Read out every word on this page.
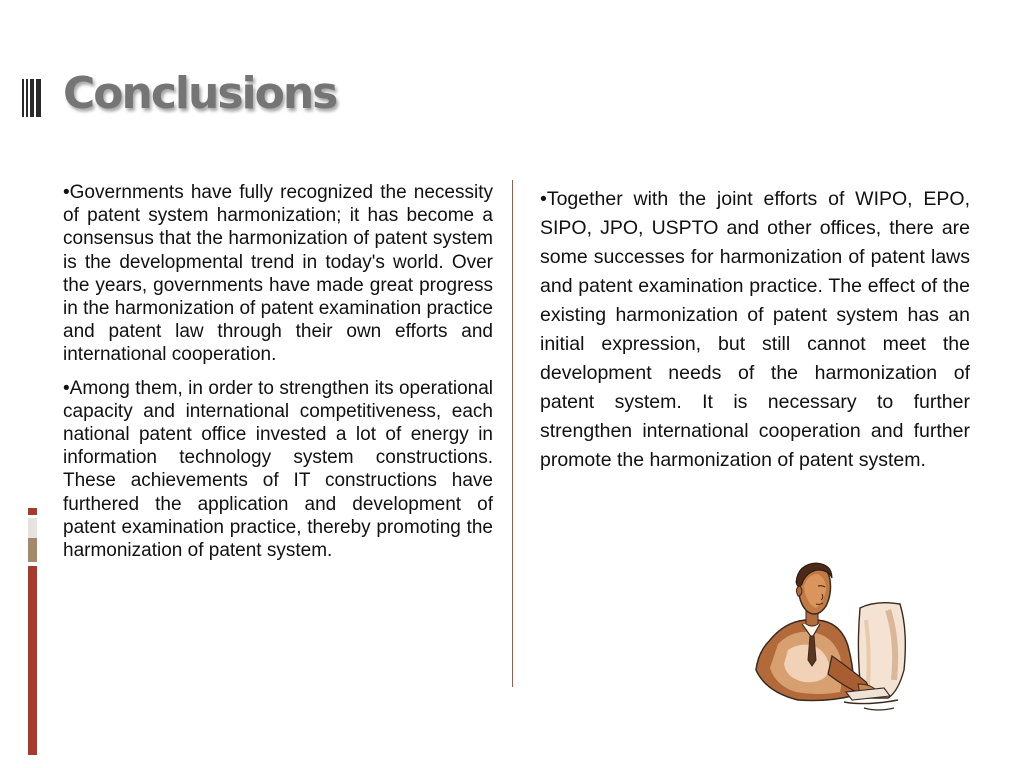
Conclusions

•Governments have fully recognized the necessity of patent system harmonization; it has become a consensus that the harmonization of patent system is the developmental trend in today's world. Over the years, governments have made great progress in the harmonization of patent examination practice and patent law through their own efforts and international cooperation.

•Among them, in order to strengthen its operational capacity and international competitiveness, each national patent office invested a lot of energy in information technology system constructions. These achievements of IT constructions have furthered the application and development of patent examination practice, thereby promoting the harmonization of patent system.

•Together with the joint efforts of WIPO, EPO, SIPO, JPO, USPTO and other offices, there are some successes for harmonization of patent laws and patent examination practice. The effect of the existing harmonization of patent system has an initial expression, but still cannot meet the development needs of the harmonization of patent system. It is necessary to further strengthen international cooperation and further promote the harmonization of patent system.
